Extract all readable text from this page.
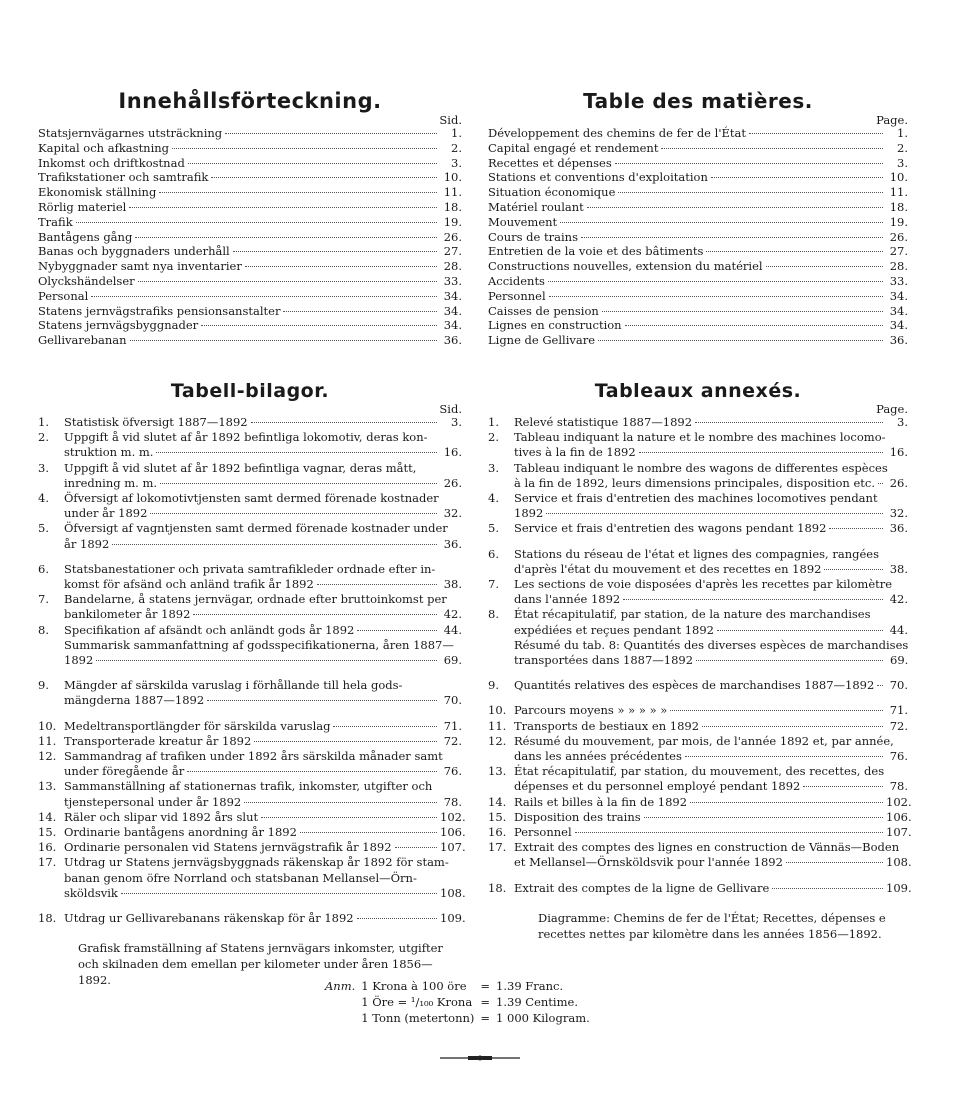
Innehållsförteckning.
Sid.
Statsjernvägarnes utsträckning	1.
Kapital och afkastning	2.
Inkomst och driftkostnad	3.
Trafikstationer och samtrafik	10.
Ekonomisk ställning	11.
Rörlig materiel	18.
Trafik	19.
Bantågens gång	26.
Banas och byggnaders underhåll	27.
Nybyggnader samt nya inventarier	28.
Olyckshändelser	33.
Personal	34.
Statens jernvägstrafiks pensionsanstalter	34.
Statens jernvägsbyggnader	34.
Gellivarebanan	36.
Tabell-bilagor.
Sid.
1.	Statistisk öfversigt 1887—1892	3.
2.	Uppgift å vid slutet af år 1892 befintliga lokomotiv, deras kon-
struktion m. m.	16.
3.	Uppgift å vid slutet af år 1892 befintliga vagnar, deras mått,
inredning m. m.	26.
4.	Öfversigt af lokomotivtjensten samt dermed förenade kostnader
under år 1892	32.
5.	Öfversigt af vagntjensten samt dermed förenade kostnader under
år 1892	36.
6.	Statsbanestationer och privata samtrafikleder ordnade efter in-
komst för afsänd och anländ trafik år 1892	38.
7.	Bandelarne, å statens jernvägar, ordnade efter bruttoinkomst per
bankilometer år 1892	42.
8.	Specifikation af afsändt och anländt gods år 1892	44.
Summarisk sammanfattning af godsspecifikationerna, åren 1887—
1892	69.
9.	Mängder af särskilda varuslag i förhållande till hela gods-
mängderna 1887—1892	70.
10. Medeltransportlängder för särskilda varuslag	71.
11. Transporterade kreatur år 1892	72.
12. Sammandrag af trafiken under 1892 års särskilda månader samt
under föregående år	76.
13. Sammanställning af stationernas trafik, inkomster, utgifter och
tjenstepersonal under år 1892	78.
14. Räler och slipar vid 1892 års slut	102.
15. Ordinarie bantågens anordning år 1892	106.
16. Ordinarie personalen vid Statens jernvägstrafik år 1892	107.
17. Utdrag ur Statens jernvägsbyggnads räkenskap år 1892 för stam-
banan genom öfre Norrland och statsbanan Mellansel—Örn-
sköldsvik	108.
18. Utdrag ur Gellivarebanans räkenskap för år 1892	109.
Grafisk framställning af Statens jernvägars inkomster, utgifter och skilnaden dem emellan per kilometer under åren 1856—1892.
Table des matières.
Page.
Développement des chemins de fer de l'État	1.
Capital engagé et rendement	2.
Recettes et dépenses	3.
Stations et conventions d'exploitation	10.
Situation économique	11.
Matériel roulant	18.
Mouvement	19.
Cours de trains	26.
Entretien de la voie et des bâtiments	27.
Constructions nouvelles, extension du matériel	28.
Accidents	33.
Personnel	34.
Caisses de pension	34.
Lignes en construction	34.
Ligne de Gellivare	36.
Tableaux annexés.
Page.
1.	Relevé statistique 1887—1892	3.
2.	Tableau indiquant la nature et le nombre des machines locomo-
tives à la fin de 1892	16.
3.	Tableau indiquant le nombre des wagons de differentes espèces
à la fin de 1892, leurs dimensions principales, disposition etc.	26.
4.	Service et frais d'entretien des machines locomotives pendant
1892	32.
5.	Service et frais d'entretien des wagons pendant 1892	36.
6.	Stations du réseau de l'état et lignes des compagnies, rangées
d'après l'état du mouvement et des recettes en 1892	38.
7.	Les sections de voie disposées d'après les recettes par kilomètre
dans l'année 1892	42.
8.	État récapitulatif, par station, de la nature des marchandises
expédiées et reçues pendant 1892	44.
Résumé du tab. 8: Quantités des diverses espèces de marchandises
transportées dans 1887—1892	69.
9.	Quantités relatives des espèces de marchandises 1887—1892	70.
10. Parcours moyens » » » » »	71.
11. Transports de bestiaux en 1892	72.
12. Résumé du mouvement, par mois, de l'année 1892 et, par année,
dans les années précédentes	76.
13. État récapitulatif, par station, du mouvement, des recettes, des
dépenses et du personnel employé pendant 1892	78.
14. Rails et billes à la fin de 1892	102.
15. Disposition des trains	106.
16. Personnel	107.
17. Extrait des comptes des lignes en construction de Vännäs—Boden
et Mellansel—Örnsköldsvik pour l'année 1892	108.
18. Extrait des comptes de la ligne de Gellivare	109.
Diagramme: Chemins de fer de l'État; Recettes, dépenses e recettes nettes par kilomètre dans les années 1856—1892.
Anm.	1 Krona à 100 öre	=	1.39 Franc.
	1 Öre = ¹/₁₀₀ Krona	=	1.39 Centime.
	1 Tonn (metertonn)	=	1 000 Kilogram.
